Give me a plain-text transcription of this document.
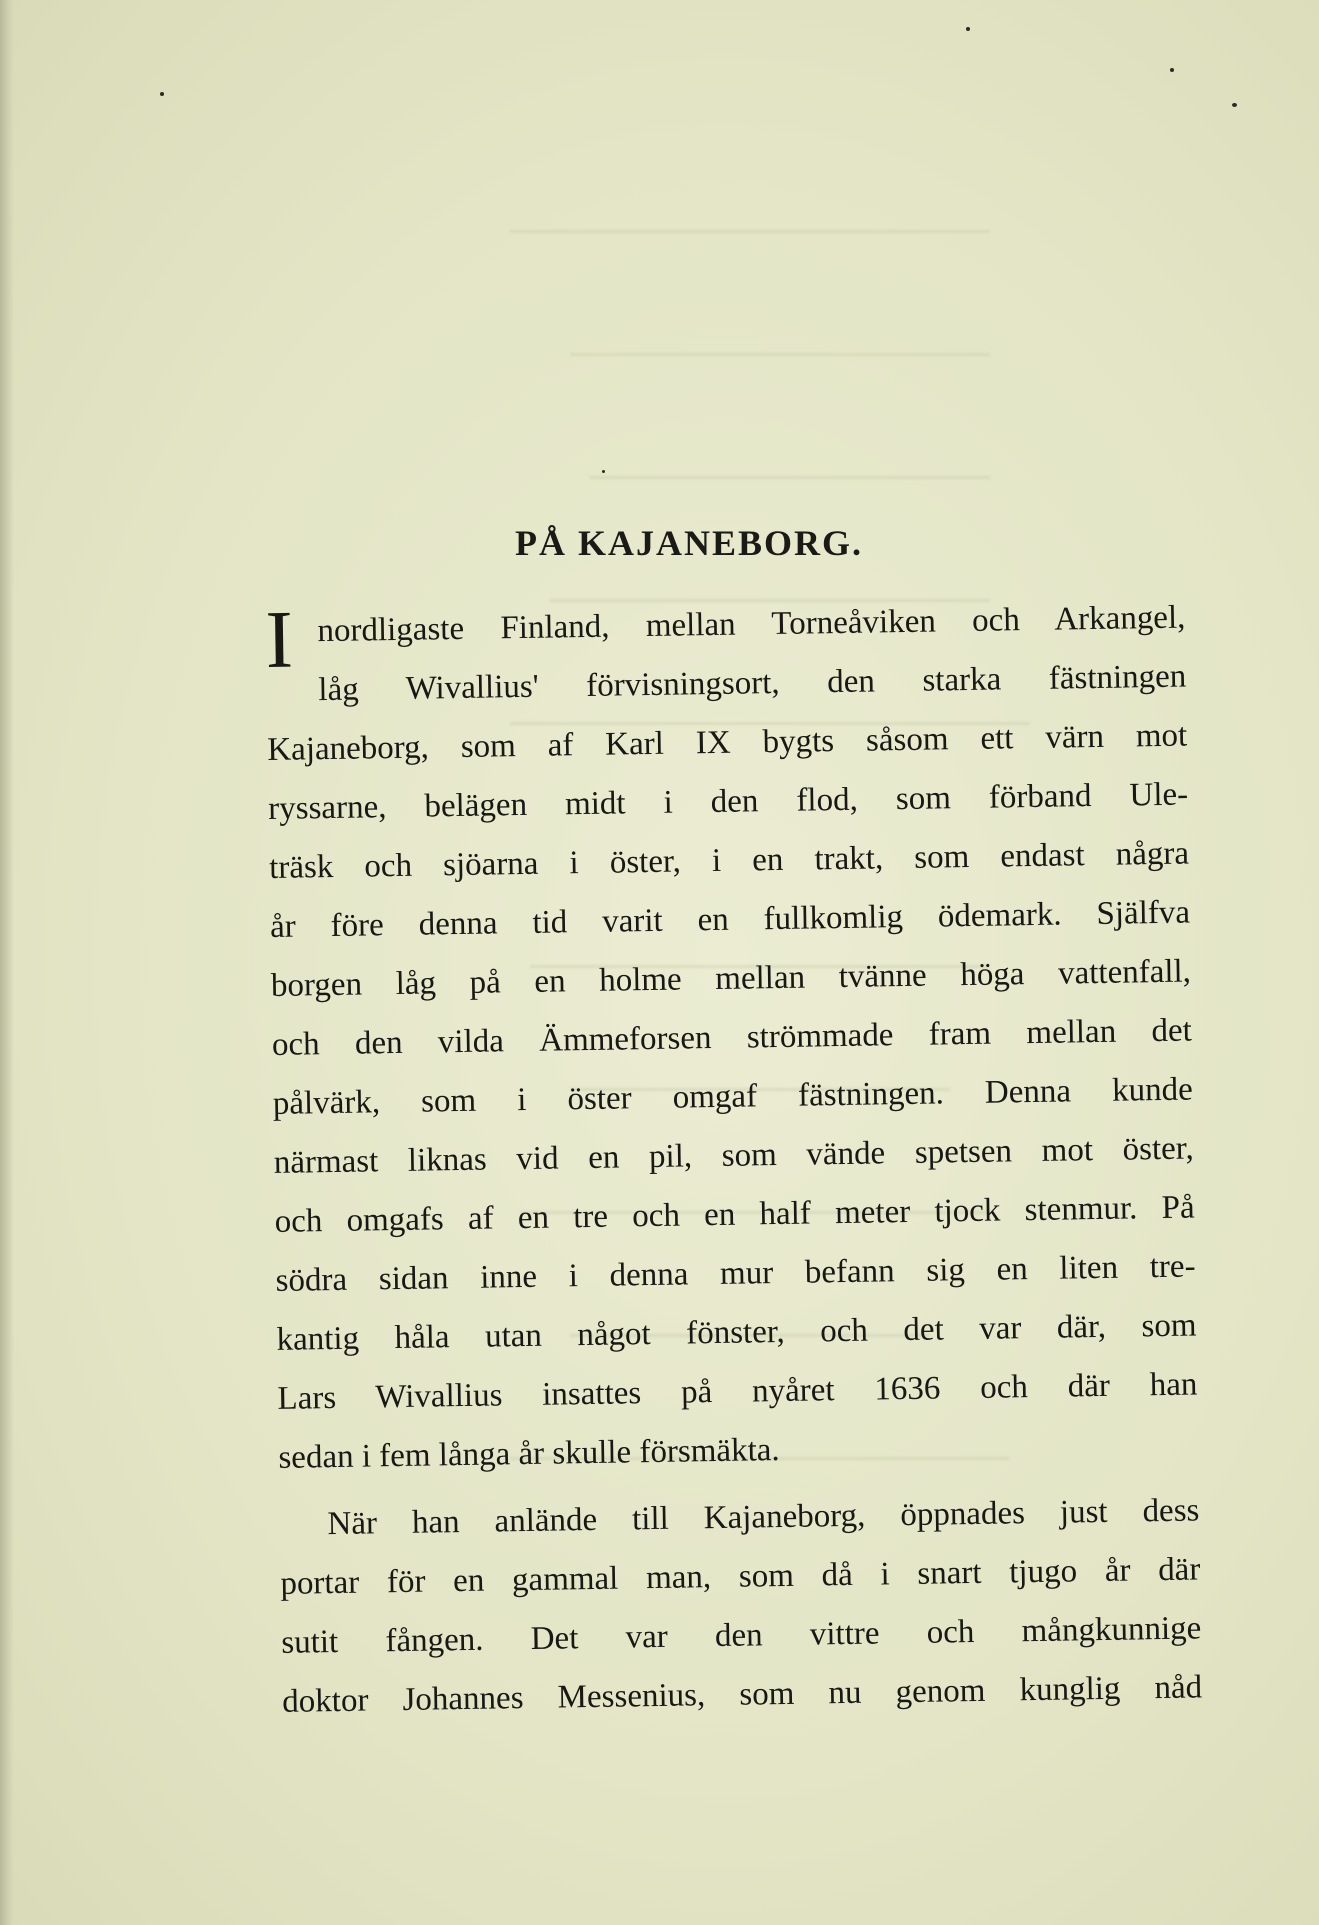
PÅ KAJANEBORG.
I nordligaste Finland, mellan Torneåviken och Arkangel,
låg Wivallius' förvisningsort, den starka fästningen
Kajaneborg, som af Karl IX bygts såsom ett värn mot
ryssarne, belägen midt i den flod, som förband Ule-
träsk och sjöarna i öster, i en trakt, som endast några
år före denna tid varit en fullkomlig ödemark. Själfva
borgen låg på en holme mellan tvänne höga vattenfall,
och den vilda Ämmeforsen strömmade fram mellan det
pålvärk, som i öster omgaf fästningen. Denna kunde
närmast liknas vid en pil, som vände spetsen mot öster,
och omgafs af en tre och en half meter tjock stenmur. På
södra sidan inne i denna mur befann sig en liten tre-
kantig håla utan något fönster, och det var där, som
Lars Wivallius insattes på nyåret 1636 och där han
sedan i fem långa år skulle försmäkta.
När han anlände till Kajaneborg, öppnades just dess
portar för en gammal man, som då i snart tjugo år där
sutit fången. Det var den vittre och mångkunnige
doktor Johannes Messenius, som nu genom kunglig nåd
